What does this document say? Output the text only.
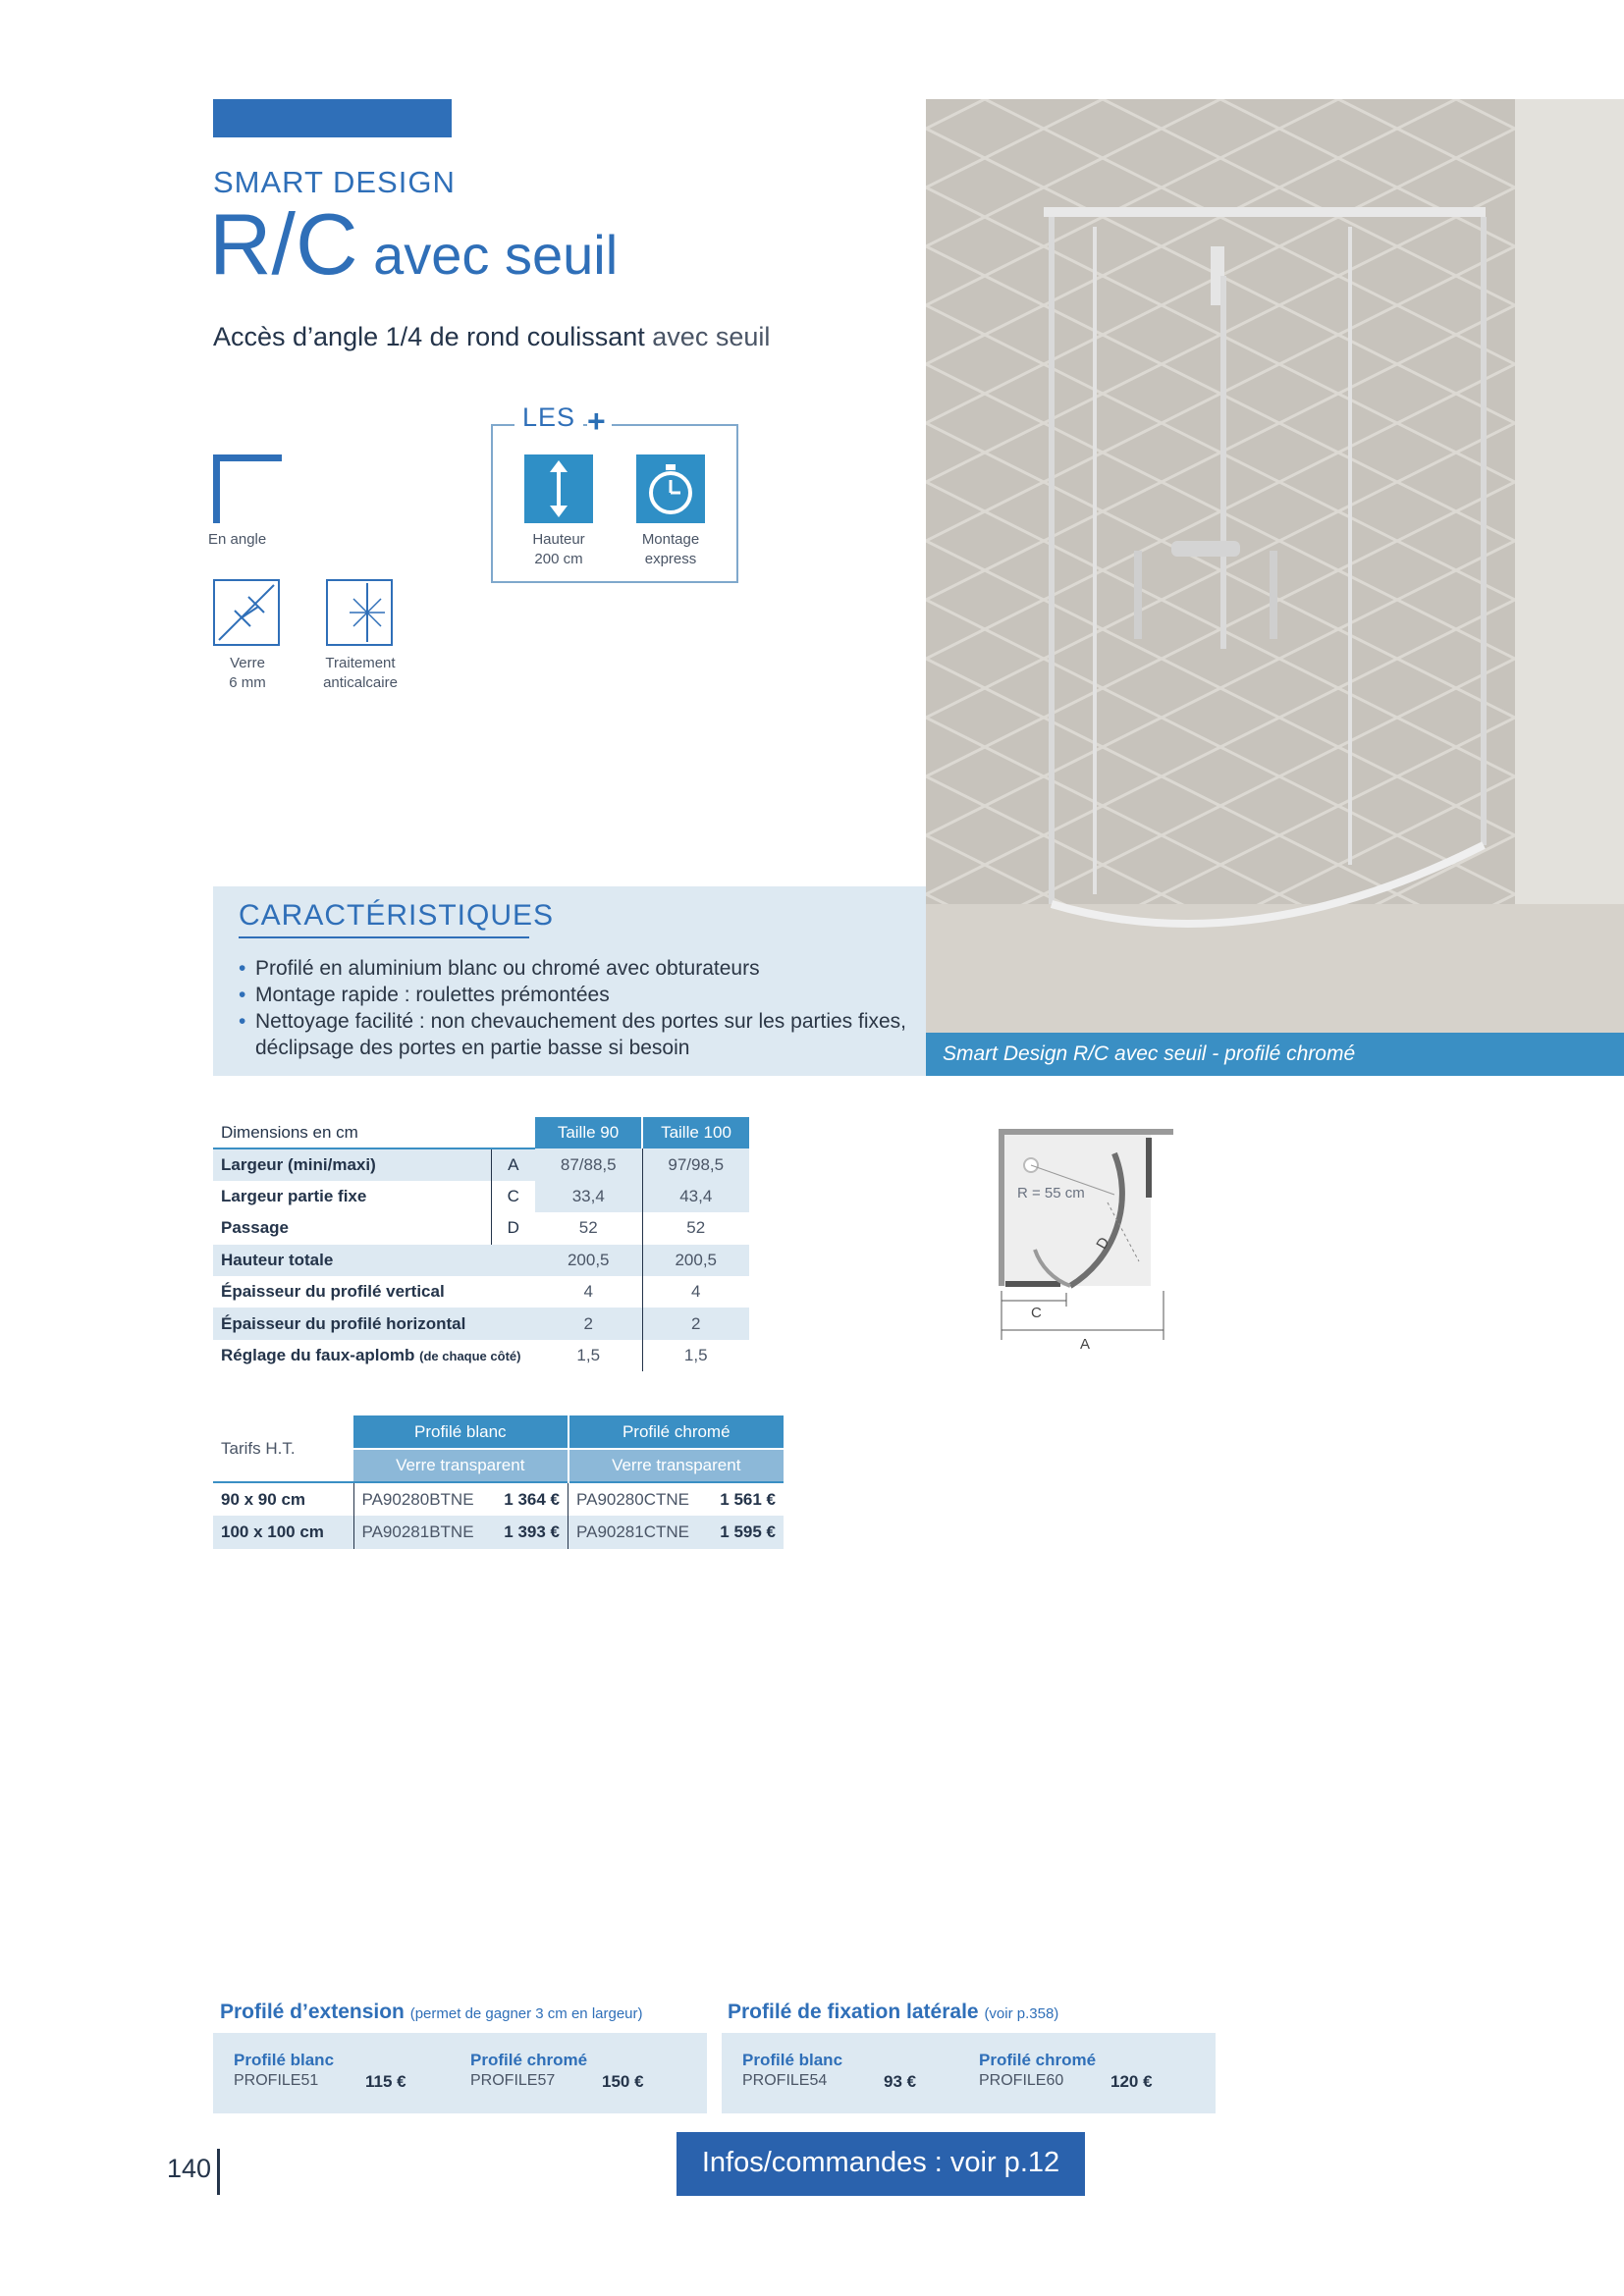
SMART DESIGN
R/C avec seuil
Accès d’angle 1/4 de rond coulissant avec seuil
En angle
Verre
6 mm
Traitement
anticalcaire
LES +
Hauteur
200 cm
Montage
express
Smart Design R/C avec seuil - profilé chromé
CARACTÉRISTIQUES
• Profilé en aluminium blanc ou chromé avec obturateurs
• Montage rapide : roulettes prémontées
• Nettoyage facilité : non chevauchement des portes sur les parties fixes, déclipsage des portes en partie basse si besoin
Dimensions en cm		Taille 90	Taille 100
Largeur (mini/maxi)	A	87/88,5	97/98,5
Largeur partie fixe	C	33,4	43,4
Passage	D	52	52
Hauteur totale		200,5	200,5
Épaisseur du profilé vertical		4	4
Épaisseur du profilé horizontal		2	2
Réglage du faux-aplomb (de chaque côté)		1,5	1,5
R = 55 cm
D
C
A
Tarifs H.T.	Profilé blanc		Profilé chromé	
	Verre transparent		Verre transparent	
90 x 90 cm	PA90280BTNE	1 364 €	PA90280CTNE	1 561 €
100 x 100 cm	PA90281BTNE	1 393 €	PA90281CTNE	1 595 €
Profilé d’extension (permet de gagner 3 cm en largeur)
Profilé blanc
PROFILE51	115 €
Profilé chromé
PROFILE57	150 €
Profilé de fixation latérale (voir p.358)
Profilé blanc
PROFILE54	93 €
Profilé chromé
PROFILE60	120 €
140	Infos/commandes : voir p.12
